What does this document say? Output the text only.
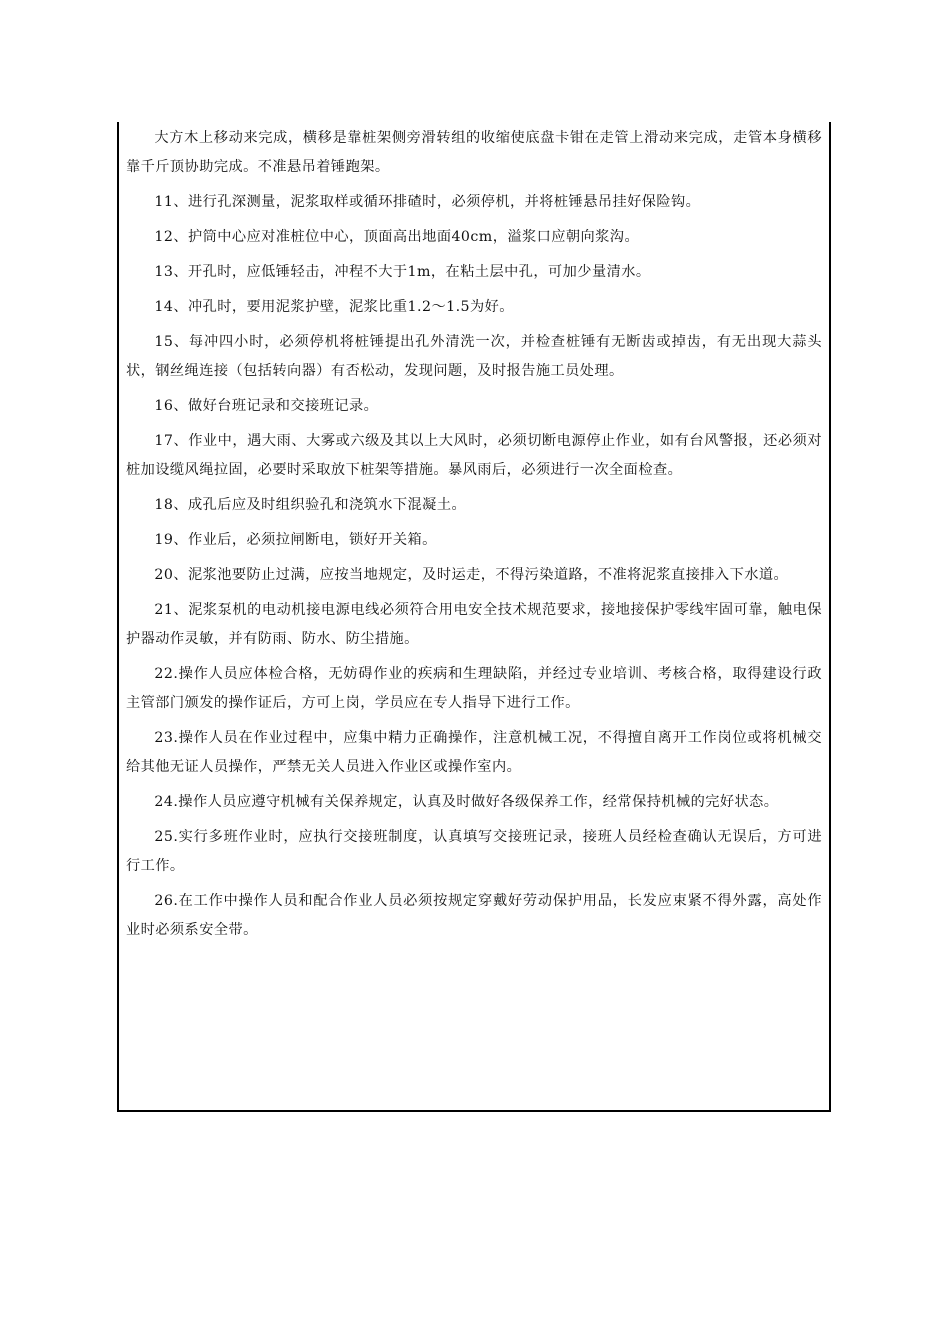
大方木上移动来完成，横移是靠桩架侧旁滑转组的收缩使底盘卡钳在走管上滑动来完成，走管本身横移靠千斤顶协助完成。不准悬吊着锤跑架。

11、进行孔深测量，泥浆取样或循环排碴时，必须停机，并将桩锤悬吊挂好保险钩。

12、护筒中心应对准桩位中心，顶面高出地面40cm，溢浆口应朝向浆沟。

13、开孔时，应低锤轻击，冲程不大于1m，在粘土层中孔，可加少量清水。

14、冲孔时，要用泥浆护壁，泥浆比重1.2～1.5为好。

15、每冲四小时，必须停机将桩锤提出孔外清洗一次，并检查桩锤有无断齿或掉齿，有无出现大蒜头状，钢丝绳连接（包括转向器）有否松动，发现问题，及时报告施工员处理。

16、做好台班记录和交接班记录。

17、作业中，遇大雨、大雾或六级及其以上大风时，必须切断电源停止作业，如有台风警报，还必须对桩加设缆风绳拉固，必要时采取放下桩架等措施。暴风雨后，必须进行一次全面检查。

18、成孔后应及时组织验孔和浇筑水下混凝土。

19、作业后，必须拉闸断电，锁好开关箱。

20、泥浆池要防止过满，应按当地规定，及时运走，不得污染道路，不准将泥浆直接排入下水道。

21、泥浆泵机的电动机接电源电线必须符合用电安全技术规范要求，接地接保护零线牢固可靠，触电保护器动作灵敏，并有防雨、防水、防尘措施。

22.操作人员应体检合格，无妨碍作业的疾病和生理缺陷，并经过专业培训、考核合格，取得建设行政主管部门颁发的操作证后，方可上岗，学员应在专人指导下进行工作。

23.操作人员在作业过程中，应集中精力正确操作，注意机械工况，不得擅自离开工作岗位或将机械交给其他无证人员操作，严禁无关人员进入作业区或操作室内。

24.操作人员应遵守机械有关保养规定，认真及时做好各级保养工作，经常保持机械的完好状态。

25.实行多班作业时，应执行交接班制度，认真填写交接班记录，接班人员经检查确认无误后，方可进行工作。

26.在工作中操作人员和配合作业人员必须按规定穿戴好劳动保护用品，长发应束紧不得外露，高处作业时必须系安全带。
